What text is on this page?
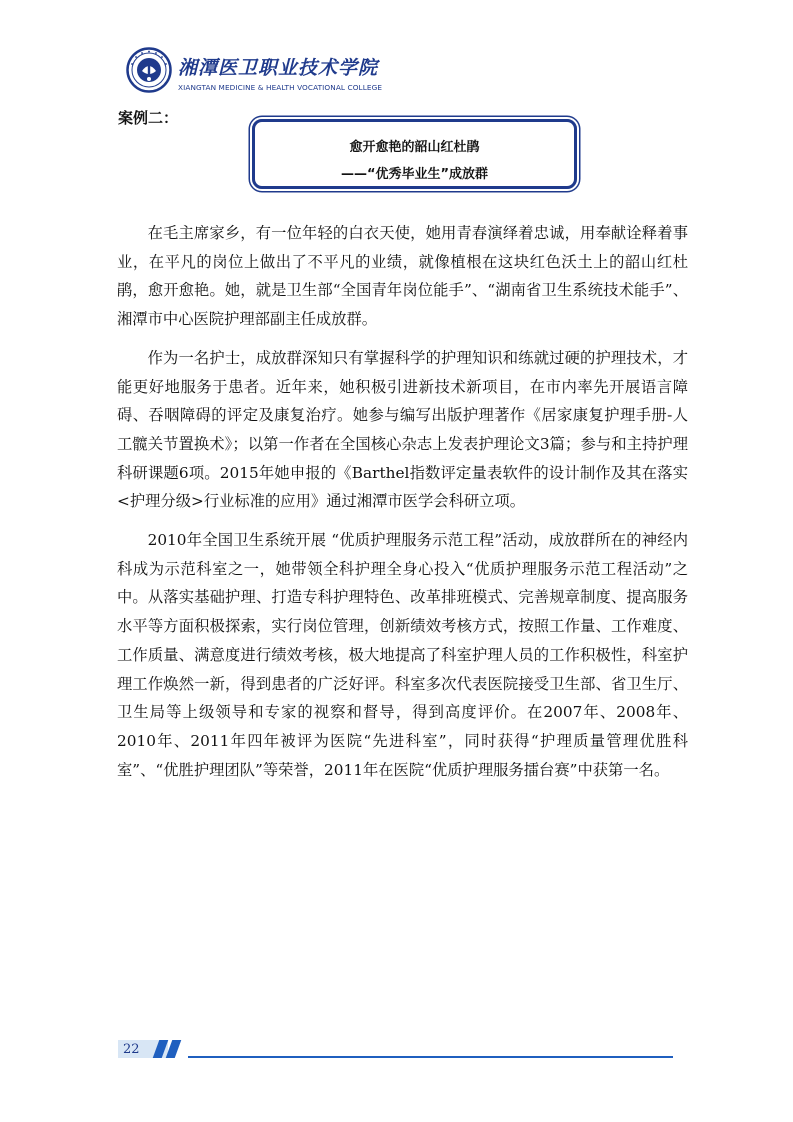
湘潭医卫职业技术学院
XIANGTAN MEDICINE & HEALTH VOCATIONAL COLLEGE
案例二：
愈开愈艳的韶山红杜鹃
——“优秀毕业生”成放群

在毛主席家乡，有一位年轻的白衣天使，她用青春演绎着忠诚，用奉献诠释着事业，在平凡的岗位上做出了不平凡的业绩，就像植根在这块红色沃土上的韶山红杜鹃，愈开愈艳。她，就是卫生部“全国青年岗位能手”、“湖南省卫生系统技术能手”、湘潭市中心医院护理部副主任成放群。

作为一名护士，成放群深知只有掌握科学的护理知识和练就过硬的护理技术，才能更好地服务于患者。近年来，她积极引进新技术新项目，在市内率先开展语言障碍、吞咽障碍的评定及康复治疗。她参与编写出版护理著作《居家康复护理手册-人工髋关节置换术》；以第一作者在全国核心杂志上发表护理论文3篇；参与和主持护理科研课题6项。2015年她申报的《Barthel指数评定量表软件的设计制作及其在落实<护理分级>行业标准的应用》通过湘潭市医学会科研立项。

2010年全国卫生系统开展 “优质护理服务示范工程”活动，成放群所在的神经内科成为示范科室之一，她带领全科护理全身心投入“优质护理服务示范工程活动”之中。从落实基础护理、打造专科护理特色、改革排班模式、完善规章制度、提高服务水平等方面积极探索，实行岗位管理，创新绩效考核方式，按照工作量、工作难度、工作质量、满意度进行绩效考核，极大地提高了科室护理人员的工作积极性，科室护理工作焕然一新，得到患者的广泛好评。科室多次代表医院接受卫生部、省卫生厅、卫生局等上级领导和专家的视察和督导，得到高度评价。在2007年、2008年、2010年、2011年四年被评为医院“先进科室”，同时获得“护理质量管理优胜科室”、“优胜护理团队”等荣誉，2011年在医院“优质护理服务擂台赛”中获第一名。

22
